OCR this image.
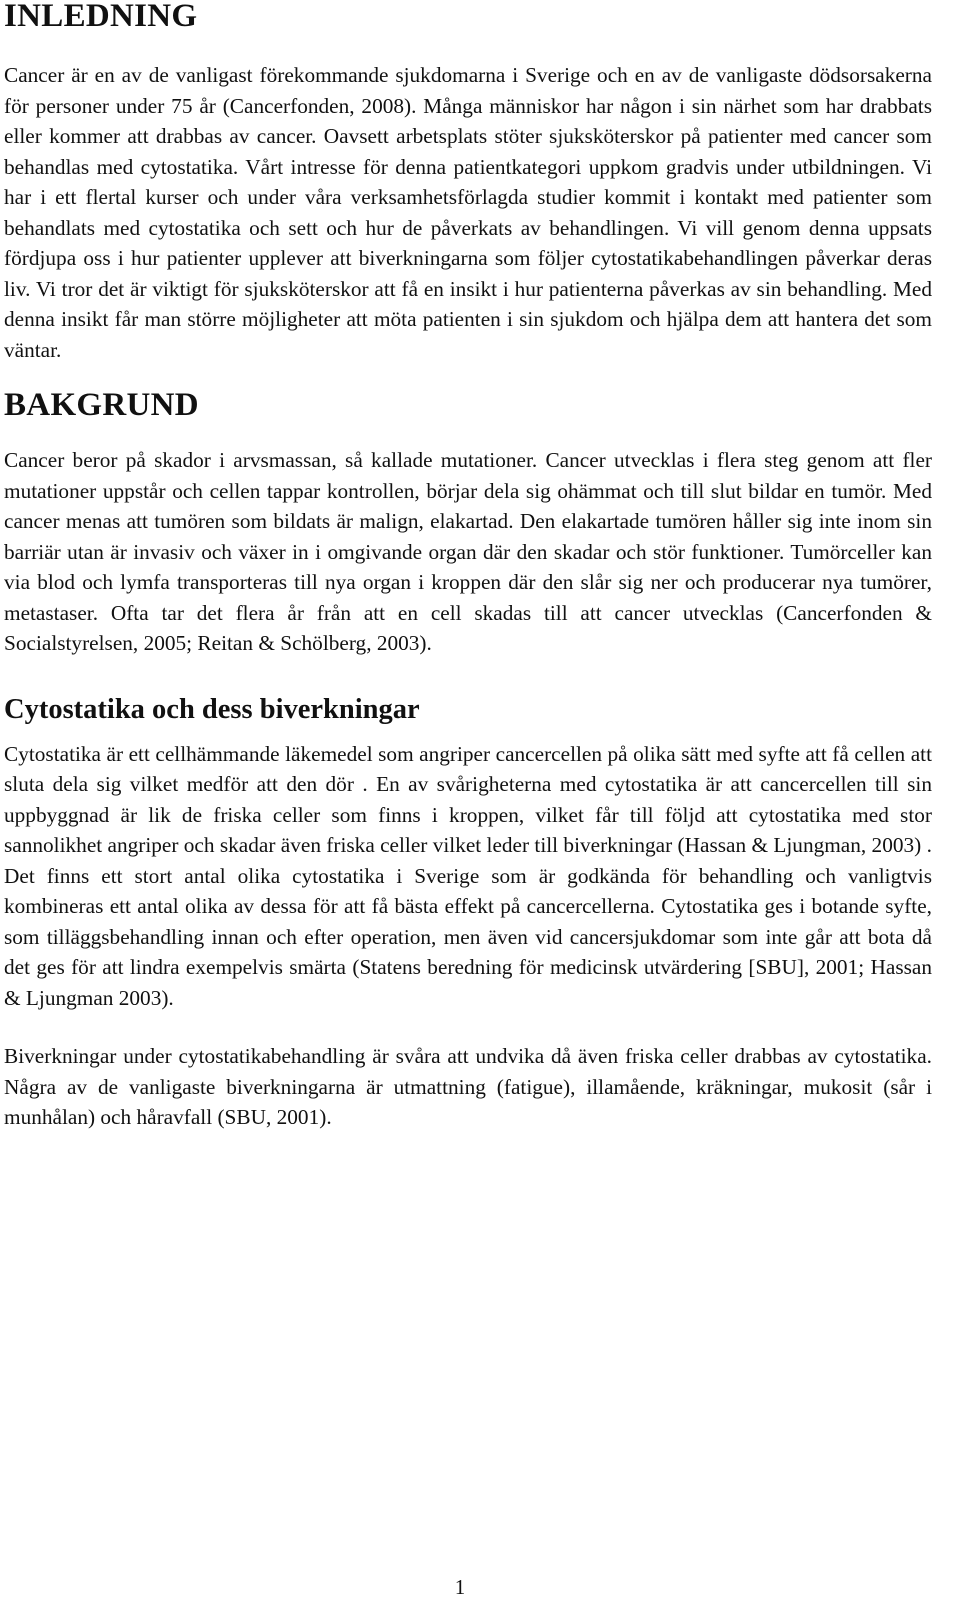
INLEDNING

Cancer är en av de vanligast förekommande sjukdomarna i Sverige och en av de vanligaste dödsorsakerna för personer under 75 år (Cancerfonden, 2008). Många människor har någon i sin närhet som har drabbats eller kommer att drabbas av cancer. Oavsett arbetsplats stöter sjuksköterskor på patienter med cancer som behandlas med cytostatika. Vårt intresse för denna patientkategori uppkom gradvis under utbildningen. Vi har i ett flertal kurser och under våra verksamhetsförlagda studier kommit i kontakt med patienter som behandlats med cytostatika och sett och hur de påverkats av behandlingen. Vi vill genom denna uppsats fördjupa oss i hur patienter upplever att biverkningarna som följer cytostatikabehandlingen påverkar deras liv. Vi tror det är viktigt för sjuksköterskor att få en insikt i hur patienterna påverkas av sin behandling. Med denna insikt får man större möjligheter att möta patienten i sin sjukdom och hjälpa dem att hantera det som väntar.

BAKGRUND

Cancer beror på skador i arvsmassan, så kallade mutationer. Cancer utvecklas i flera steg genom att fler mutationer uppstår och cellen tappar kontrollen, börjar dela sig ohämmat och till slut bildar en tumör. Med cancer menas att tumören som bildats är malign, elakartad. Den elakartade tumören håller sig inte inom sin barriär utan är invasiv och växer in i omgivande organ där den skadar och stör funktioner. Tumörceller kan via blod och lymfa transporteras till nya organ i kroppen där den slår sig ner och producerar nya tumörer, metastaser. Ofta tar det flera år från att en cell skadas till att cancer utvecklas (Cancerfonden & Socialstyrelsen, 2005; Reitan & Schölberg, 2003).

Cytostatika och dess biverkningar

Cytostatika är ett cellhämmande läkemedel som angriper cancercellen på olika sätt med syfte att få cellen att sluta dela sig vilket medför att den dör . En av svårigheterna med cytostatika är att cancercellen till sin uppbyggnad är lik de friska celler som finns i kroppen, vilket får till följd att cytostatika med stor sannolikhet angriper och skadar även friska celler vilket leder till biverkningar (Hassan & Ljungman, 2003) .

Det finns ett stort antal olika cytostatika i Sverige som är godkända för behandling och vanligtvis kombineras ett antal olika av dessa för att få bästa effekt på cancercellerna. Cytostatika ges i botande syfte, som tilläggsbehandling innan och efter operation, men även vid cancersjukdomar som inte går att bota då det ges för att lindra exempelvis smärta (Statens beredning för medicinsk utvärdering [SBU], 2001; Hassan & Ljungman 2003).

Biverkningar under cytostatikabehandling är svåra att undvika då även friska celler drabbas av cytostatika. Några av de vanligaste biverkningarna är utmattning (fatigue), illamående, kräkningar, mukosit (sår i munhålan) och håravfall (SBU, 2001).

1
